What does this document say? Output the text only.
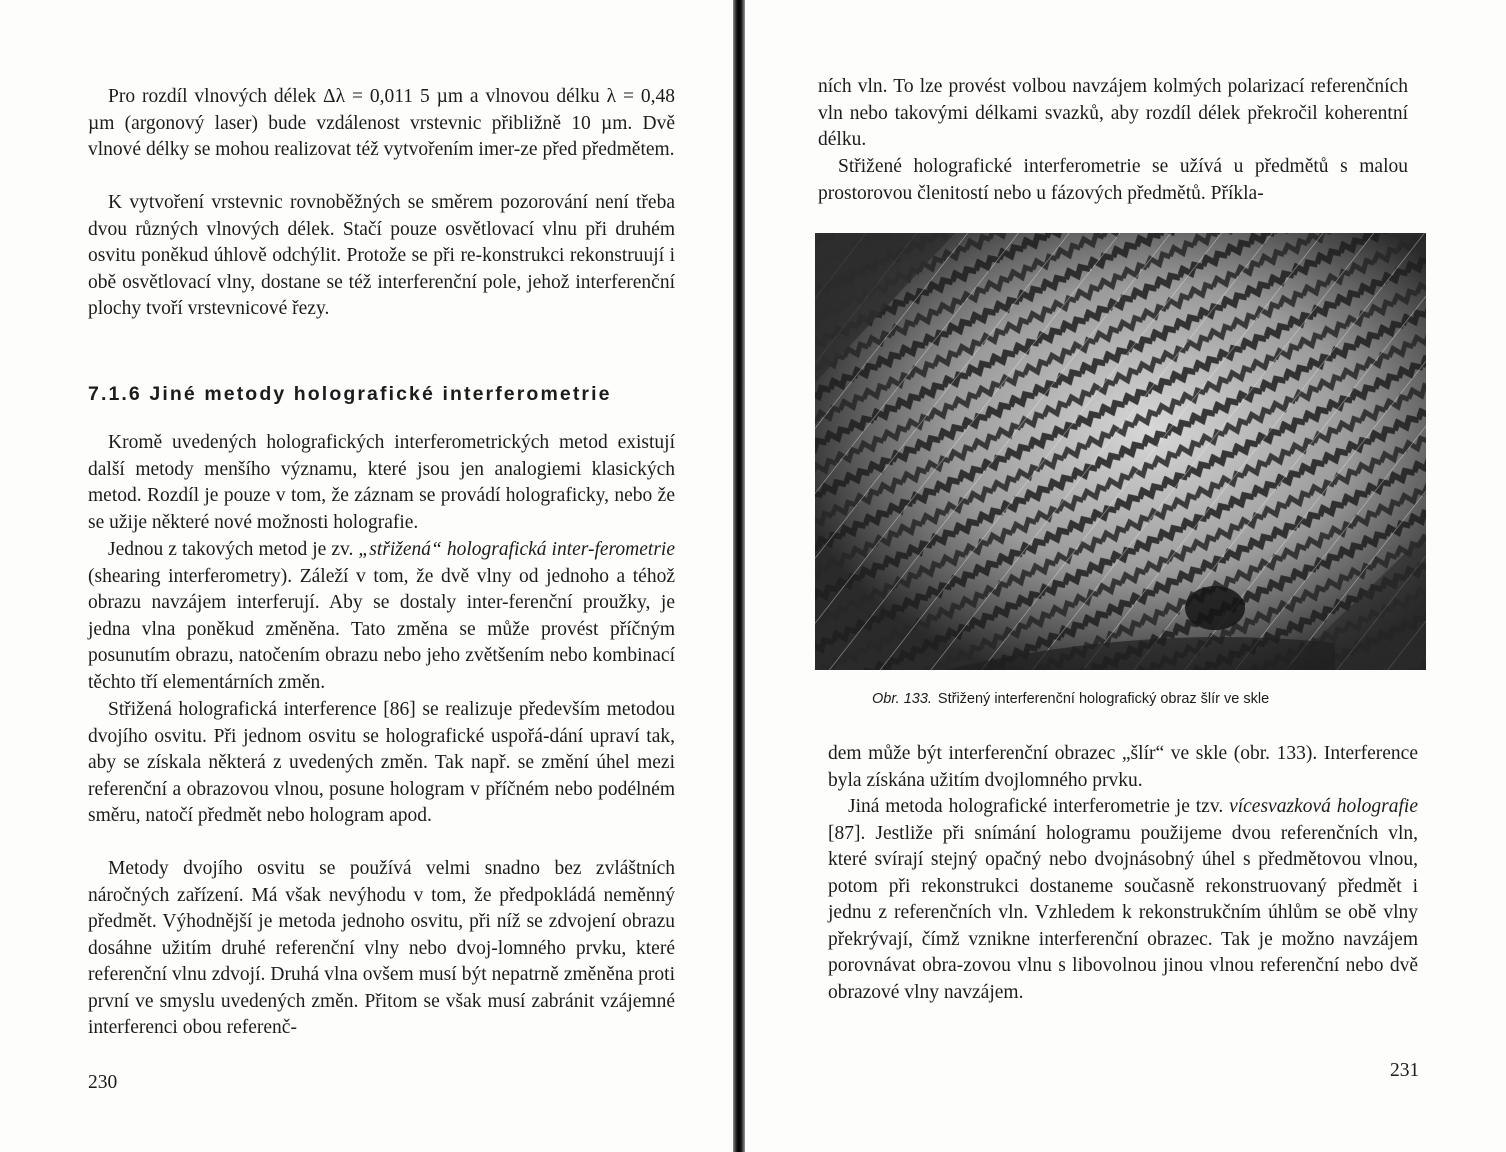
Pro rozdíl vlnových délek Δλ = 0,011 5 µm a vlnovou délku λ = 0,48 µm (argonový laser) bude vzdálenost vrstevnic přibližně 10 µm. Dvě vlnové délky se mohou realizovat též vytvořením imer-ze před předmětem.

K vytvoření vrstevnic rovnoběžných se směrem pozorování není třeba dvou různých vlnových délek. Stačí pouze osvětlovací vlnu při druhém osvitu poněkud úhlově odchýlit. Protože se při re-konstrukci rekonstruují i obě osvětlovací vlny, dostane se též interferenční pole, jehož interferenční plochy tvoří vrstevnicové řezy.

7.1.6 Jiné metody holografické interferometrie

Kromě uvedených holografických interferometrických metod existují další metody menšího významu, které jsou jen analogiemi klasických metod. Rozdíl je pouze v tom, že záznam se provádí holograficky, nebo že se užije některé nové možnosti holografie.

Jednou z takových metod je zv. „střižená“ holografická inter-ferometrie (shearing interferometry). Záleží v tom, že dvě vlny od jednoho a téhož obrazu navzájem interferují. Aby se dostaly inter-ferenční proužky, je jedna vlna poněkud změněna. Tato změna se může provést příčným posunutím obrazu, natočením obrazu nebo jeho zvětšením nebo kombinací těchto tří elementárních změn.

Střižená holografická interference [86] se realizuje především metodou dvojího osvitu. Při jednom osvitu se holografické uspořá-dání upraví tak, aby se získala některá z uvedených změn. Tak např. se změní úhel mezi referenční a obrazovou vlnou, posune hologram v příčném nebo podélném směru, natočí předmět nebo hologram apod.

Metody dvojího osvitu se používá velmi snadno bez zvláštních náročných zařízení. Má však nevýhodu v tom, že předpokládá neměnný předmět. Výhodnější je metoda jednoho osvitu, při níž se zdvojení obrazu dosáhne užitím druhé referenční vlny nebo dvoj-lomného prvku, které referenční vlnu zdvojí. Druhá vlna ovšem musí být nepatrně změněna proti první ve smyslu uvedených změn. Přitom se však musí zabránit vzájemné interferenci obou referenč-

230

ních vln. To lze provést volbou navzájem kolmých polarizací referenčních vln nebo takovými délkami svazků, aby rozdíl délek překročil koherentní délku.

Střižené holografické interferometrie se užívá u předmětů s malou prostorovou členitostí nebo u fázových předmětů. Příkla-

Obr. 133. Střižený interferenční holografický obraz šlír ve skle

dem může být interferenční obrazec „šlír“ ve skle (obr. 133). Interference byla získána užitím dvojlomného prvku.

Jiná metoda holografické interferometrie je tzv. vícesvazková holografie [87]. Jestliže při snímání hologramu použijeme dvou referenčních vln, které svírají stejný opačný nebo dvojnásobný úhel s předmětovou vlnou, potom při rekonstrukci dostaneme současně rekonstruovaný předmět i jednu z referenčních vln. Vzhledem k rekonstrukčním úhlům se obě vlny překrývají, čímž vznikne interferenční obrazec. Tak je možno navzájem porovnávat obra-zovou vlnu s libovolnou jinou vlnou referenční nebo dvě obrazové vlny navzájem.

231
